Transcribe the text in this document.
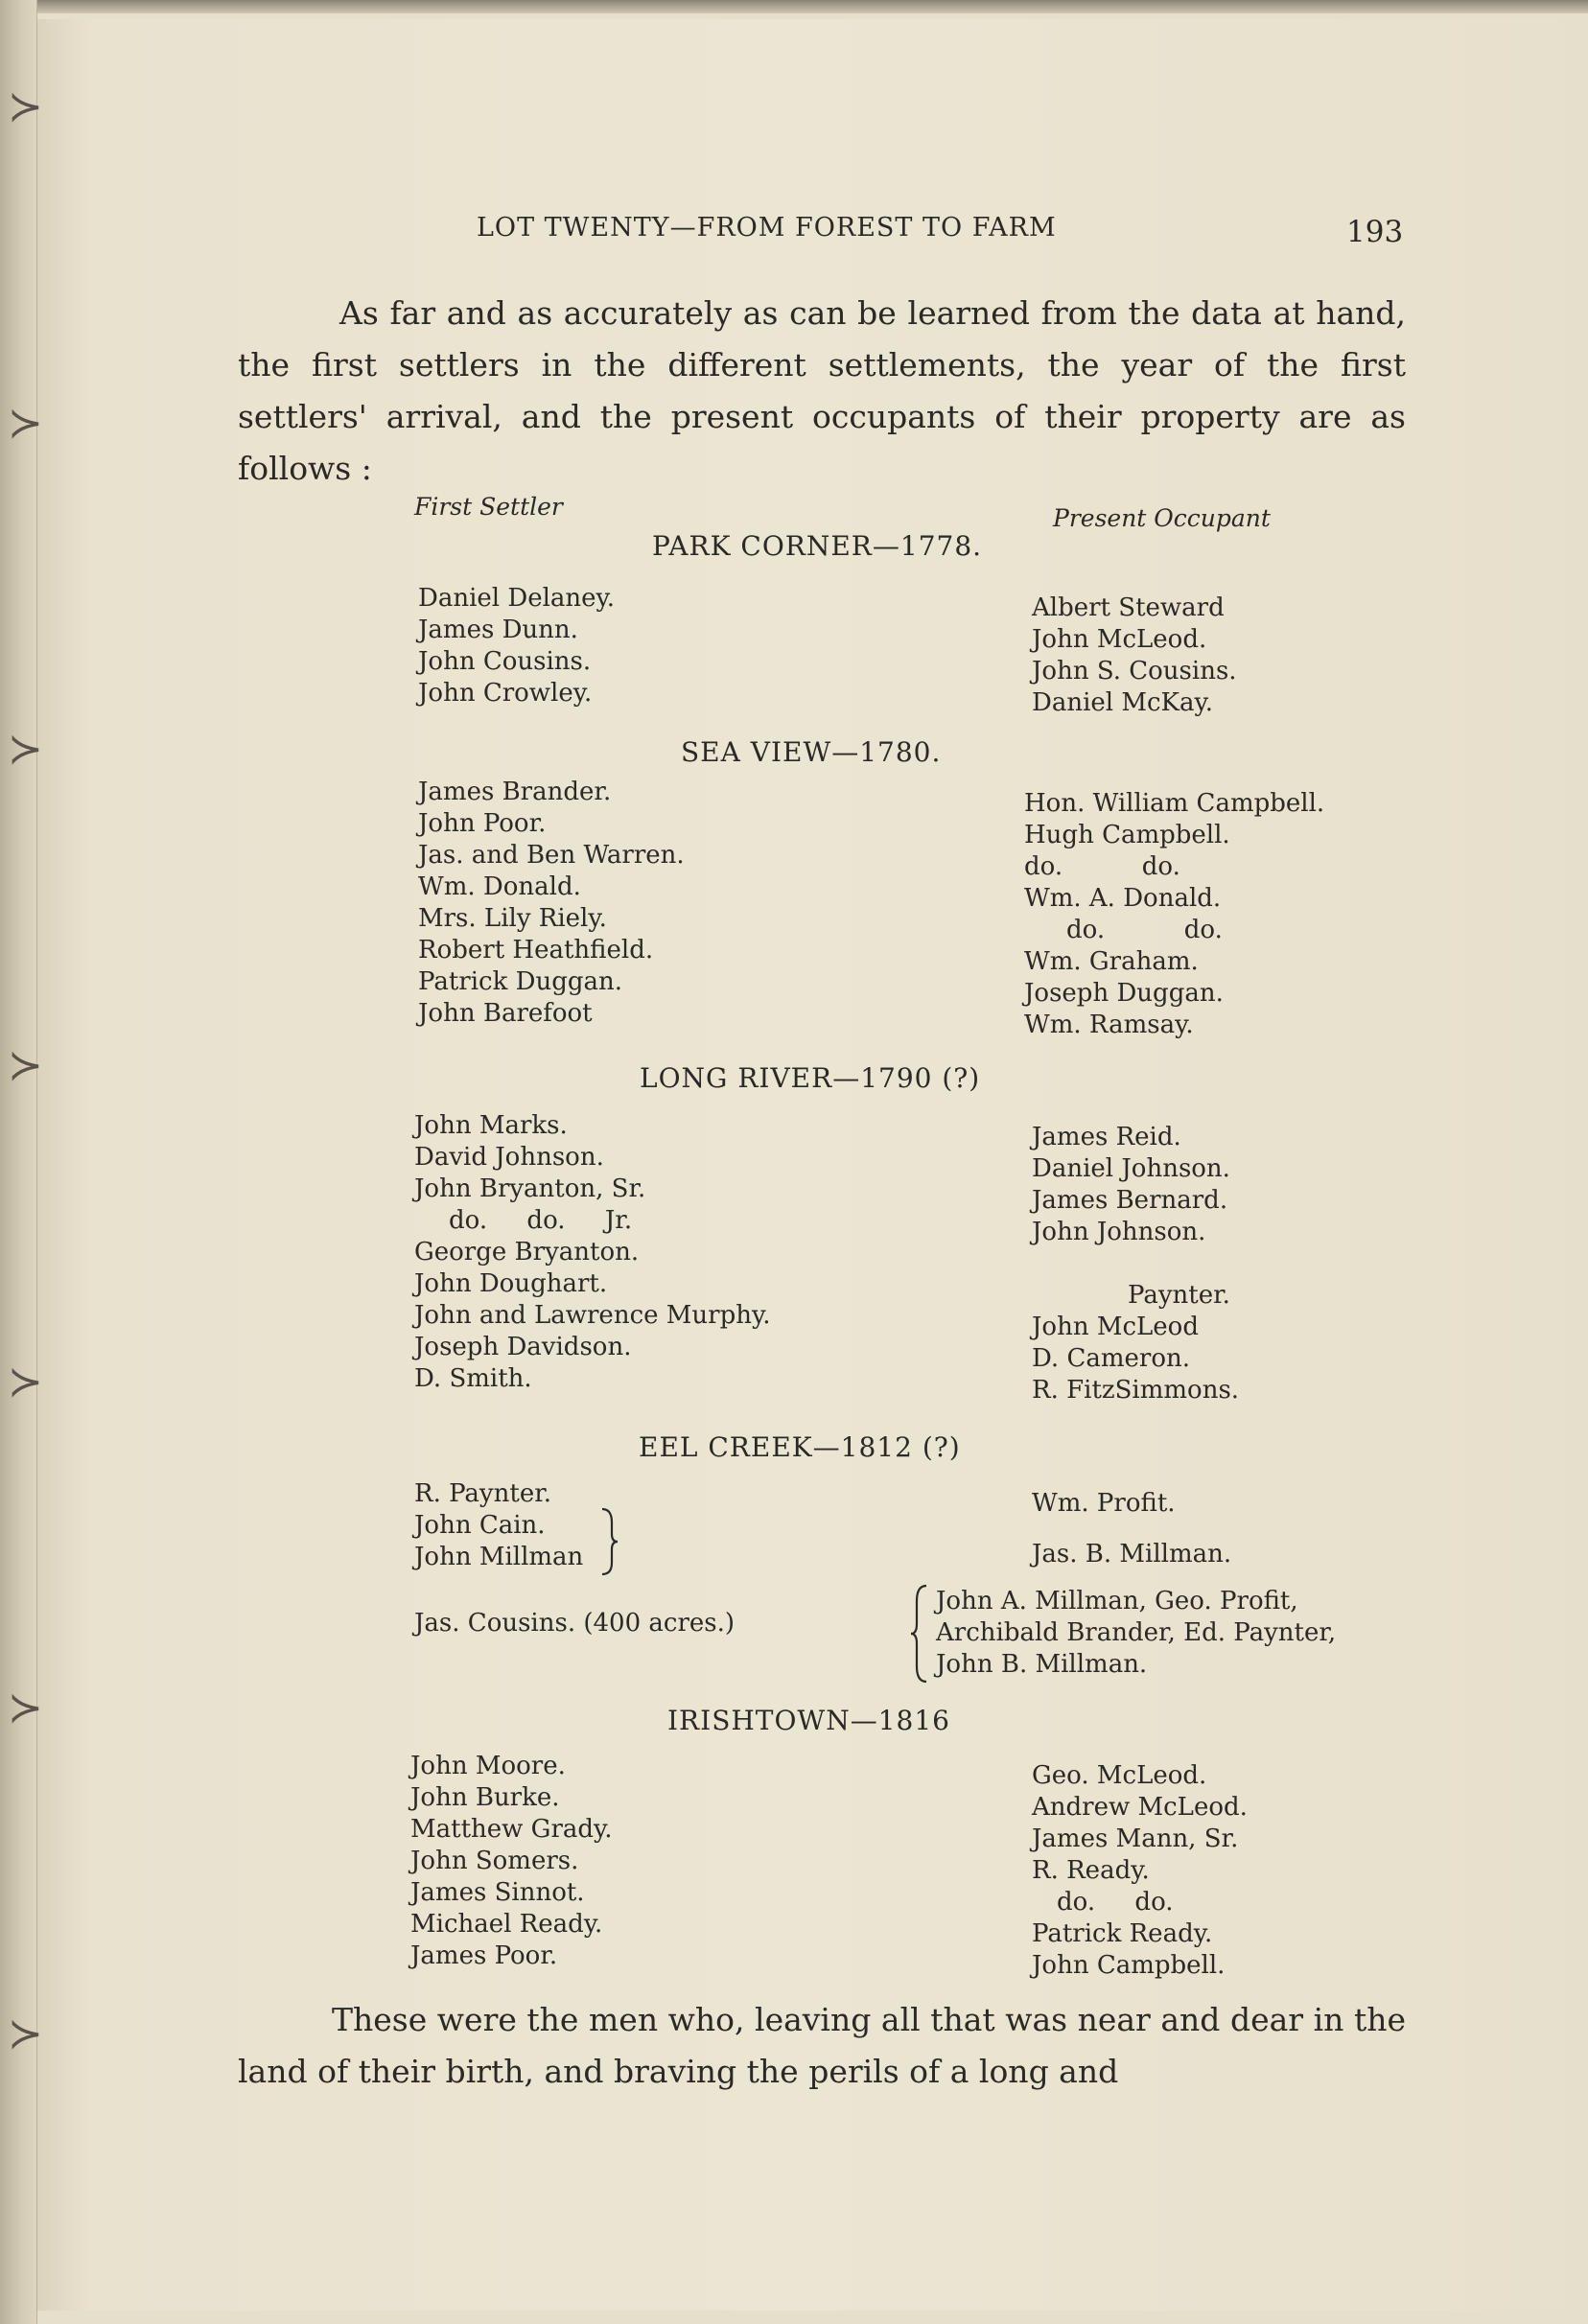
≻
≻
≻
≻
≻
≻
≻
LOT TWENTY—FROM FOREST TO FARM	193
As far and as accurately as can be learned from the data at hand, the first settlers in the different settlements, the year of the first settlers' arrival, and the present occupants of their property are as follows :
First Settler	Present Occupant
PARK CORNER—1778.
Daniel Delaney.
James Dunn.
John Cousins.
John Crowley.
Albert Steward
John McLeod.
John S. Cousins.
Daniel McKay.
SEA VIEW—1780.
James Brander.
John Poor.
Jas. and Ben Warren.
Wm. Donald.
Mrs. Lily Riely.
Robert Heathfield.
Patrick Duggan.
John Barefoot
Hon. William Campbell.
Hugh Campbell.
do.          do.
Wm. A. Donald.
do.          do.
Wm. Graham.
Joseph Duggan.
Wm. Ramsay.
LONG RIVER—1790 (?)
John Marks.
David Johnson.
John Bryanton, Sr.
do.     do.     Jr.
George Bryanton.
John Doughart.
John and Lawrence Murphy.
Joseph Davidson.
D. Smith.
James Reid.
Daniel Johnson.
James Bernard.
John Johnson.
Paynter.
John McLeod
D. Cameron.
R. FitzSimmons.
EEL CREEK—1812 (?)
R. Paynter.
John Cain.
John Millman
Wm. Profit.
Jas. B. Millman.
Jas. Cousins. (400 acres.)
John A. Millman, Geo. Profit,
Archibald Brander, Ed. Paynter,
John B. Millman.
IRISHTOWN—1816
John Moore.
John Burke.
Matthew Grady.
John Somers.
James Sinnot.
Michael Ready.
James Poor.
Geo. McLeod.
Andrew McLeod.
James Mann, Sr.
R. Ready.
do.     do.
Patrick Ready.
John Campbell.
These were the men who, leaving all that was near and dear in the land of their birth, and braving the perils of a long and
